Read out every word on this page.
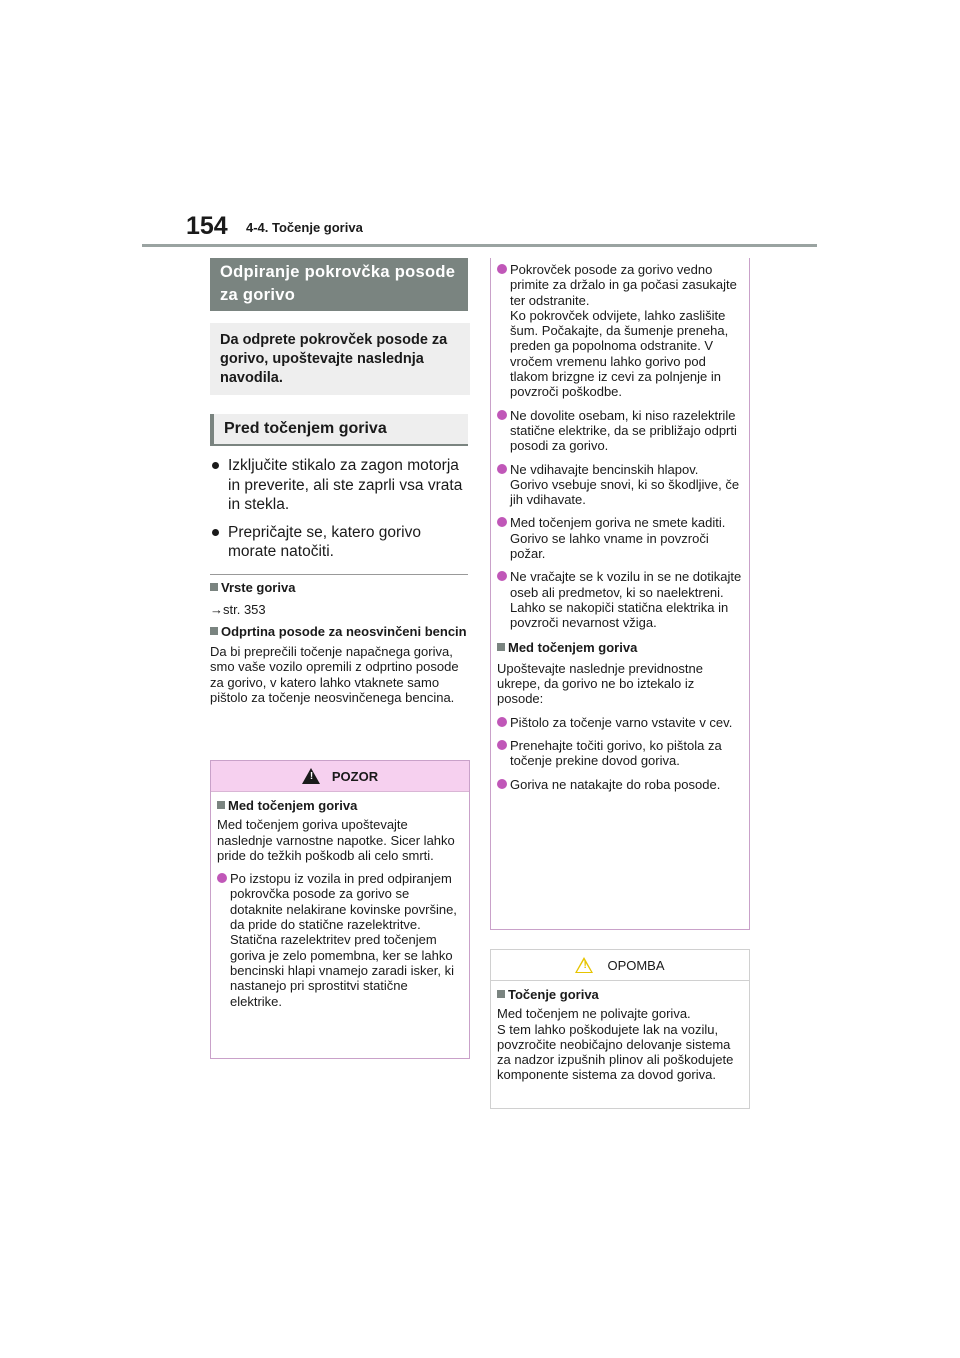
154 4-4. Točenje goriva
Odpiranje pokrovčka posode za gorivo
Da odprete pokrovček posode za gorivo, upoštevajte naslednja navodila.
Pred točenjem goriva
Izključite stikalo za zagon motorja in preverite, ali ste zaprli vsa vrata in stekla.
Prepričajte se, katero gorivo morate natočiti.
Vrste goriva
→str. 353
Odprtina posode za neosvinčeni bencin
Da bi preprečili točenje napačnega goriva, smo vaše vozilo opremili z odprtino posode za gorivo, v katero lahko vtaknete samo pištolo za točenje neosvinčenega bencina.
! POZOR
Med točenjem goriva
Med točenjem goriva upoštevajte naslednje varnostne napotke. Sicer lahko pride do težkih poškodb ali celo smrti.
Po izstopu iz vozila in pred odpiranjem pokrovčka posode za gorivo se dotaknite nelakirane kovinske površine, da pride do statične razelektritve. Statična razelektritev pred točenjem goriva je zelo pomembna, ker se lahko bencinski hlapi vnamejo zaradi isker, ki nastanejo pri sprostitvi statične elektrike.
Pokrovček posode za gorivo vedno primite za držalo in ga počasi zasukajte ter odstranite.
Ko pokrovček odvijete, lahko zaslišite šum. Počakajte, da šumenje preneha, preden ga popolnoma odstranite. V vročem vremenu lahko gorivo pod tlakom brizgne iz cevi za polnjenje in povzroči poškodbe.
Ne dovolite osebam, ki niso razelektrile statične elektrike, da se približajo odprti posodi za gorivo.
Ne vdihavajte bencinskih hlapov.
Gorivo vsebuje snovi, ki so škodljive, če jih vdihavate.
Med točenjem goriva ne smete kaditi.
Gorivo se lahko vname in povzroči požar.
Ne vračajte se k vozilu in se ne dotikajte oseb ali predmetov, ki so naelektreni.
Lahko se nakopiči statična elektrika in povzroči nevarnost vžiga.
Med točenjem goriva
Upoštevajte naslednje previdnostne ukrepe, da gorivo ne bo iztekalo iz posode:
Pištolo za točenje varno vstavite v cev.
Prenehajte točiti gorivo, ko pištola za točenje prekine dovod goriva.
Goriva ne natakajte do roba posode.
! OPOMBA
Točenje goriva
Med točenjem ne polivajte goriva.
S tem lahko poškodujete lak na vozilu, povzročite neobičajno delovanje sistema za nadzor izpušnih plinov ali poškodujete komponente sistema za dovod goriva.
